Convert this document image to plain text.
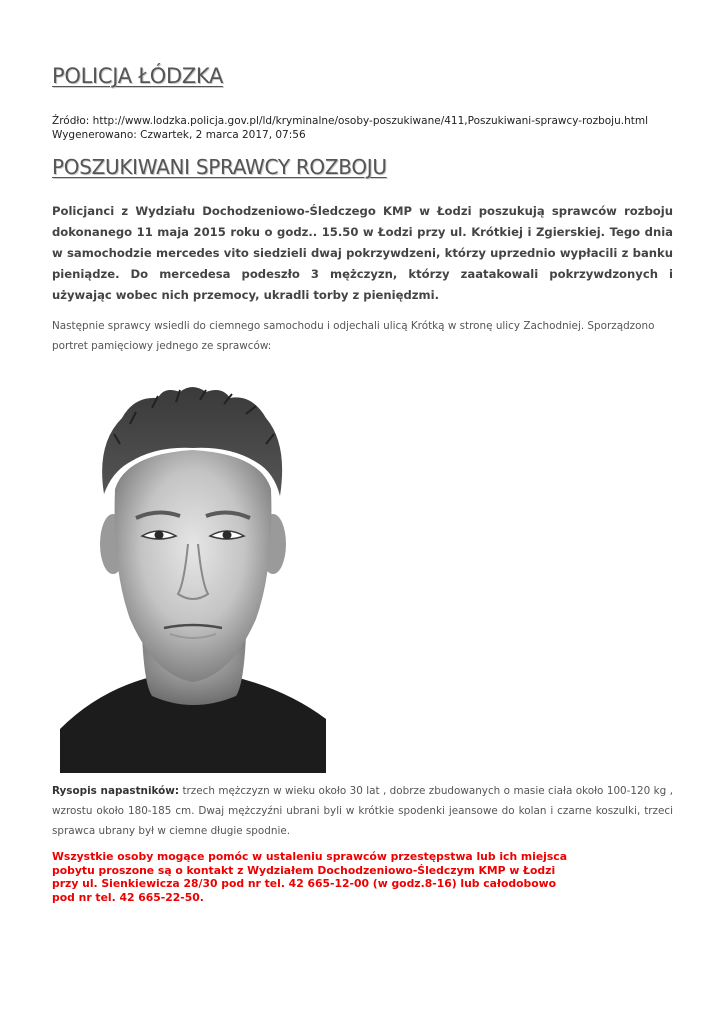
POLICJA ŁÓDZKA
Źródło: http://www.lodzka.policja.gov.pl/ld/kryminalne/osoby-poszukiwane/411,Poszukiwani-sprawcy-rozboju.html
Wygenerowano: Czwartek, 2 marca 2017, 07:56
POSZUKIWANI SPRAWCY ROZBOJU

Policjanci z Wydziału Dochodzeniowo-Śledczego KMP w Łodzi poszukują sprawców rozboju dokonanego 11 maja 2015 roku o godz.. 15.50 w Łodzi przy ul. Krótkiej i Zgierskiej. Tego dnia w samochodzie mercedes vito siedzieli dwaj pokrzywdzeni, którzy uprzednio wypłacili z banku pieniądze. Do mercedesa podeszło 3 mężczyzn, którzy zaatakowali pokrzywdzonych i używając wobec nich przemocy, ukradli torby z pieniędzmi.

Następnie sprawcy wsiedli do ciemnego samochodu i odjechali ulicą Krótką w stronę ulicy Zachodniej. Sporządzono portret pamięciowy jednego ze sprawców:

Rysopis napastników: trzech mężczyzn w wieku około 30 lat , dobrze zbudowanych o masie ciała około 100-120 kg , wzrostu około 180-185 cm. Dwaj mężczyźni ubrani byli w krótkie spodenki jeansowe do kolan i czarne koszulki, trzeci sprawca ubrany był w ciemne długie spodnie.

Wszystkie osoby mogące pomóc w ustaleniu sprawców przestępstwa lub ich miejsca pobytu proszone są o kontakt z Wydziałem Dochodzeniowo-Śledczym KMP w Łodzi przy ul. Sienkiewicza 28/30 pod nr tel. 42 665-12-00 (w godz.8-16) lub całodobowo pod nr tel. 42 665-22-50.
